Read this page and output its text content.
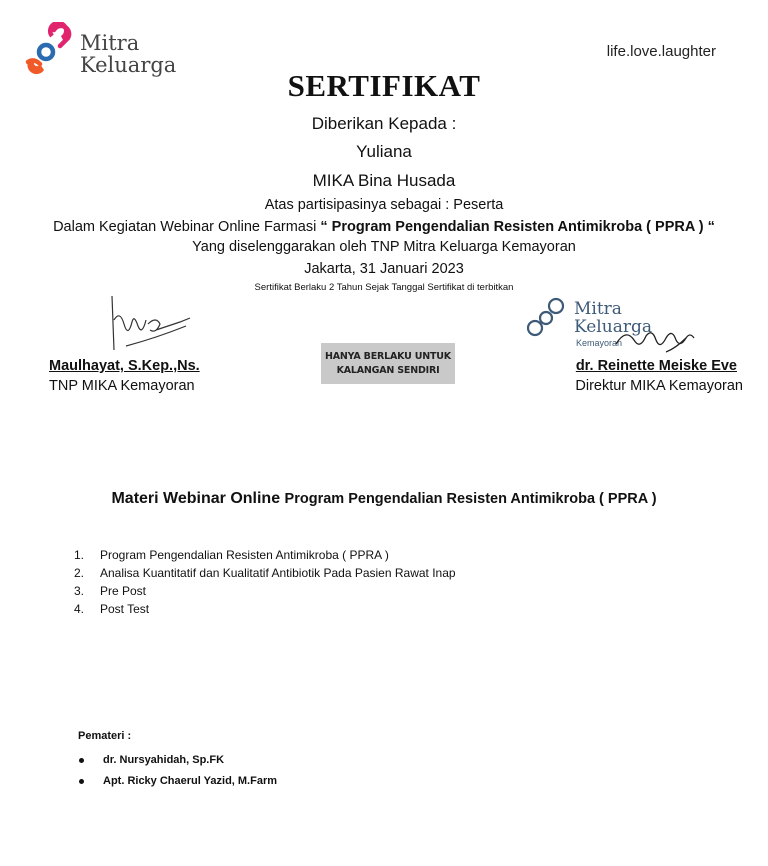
Mitra
Keluarga
life.love.laughter
SERTIFIKAT
Diberikan Kepada :
Yuliana
MIKA Bina Husada
Atas partisipasinya sebagai : Peserta
Dalam Kegiatan Webinar Online Farmasi “ Program Pengendalian Resisten Antimikroba ( PPRA ) “
Yang diselenggarakan oleh TNP Mitra Keluarga Kemayoran
Jakarta, 31 Januari 2023
Sertifikat Berlaku 2 Tahun Sejak Tanggal Sertifikat di terbitkan
Maulhayat, S.Kep.,Ns.
TNP MIKA Kemayoran
HANYA BERLAKU UNTUK
KALANGAN SENDIRI
Mitra
Keluarga
Kemayoran
dr. Reinette Meiske Eve
Direktur MIKA Kemayoran
Materi Webinar Online Program Pengendalian Resisten Antimikroba ( PPRA )
1.	Program Pengendalian Resisten Antimikroba ( PPRA )
2.	Analisa Kuantitatif dan Kualitatif Antibiotik Pada Pasien Rawat Inap
3.	Pre Post
4.	Post Test
Pemateri :
dr. Nursyahidah, Sp.FK
Apt. Ricky Chaerul Yazid, M.Farm
